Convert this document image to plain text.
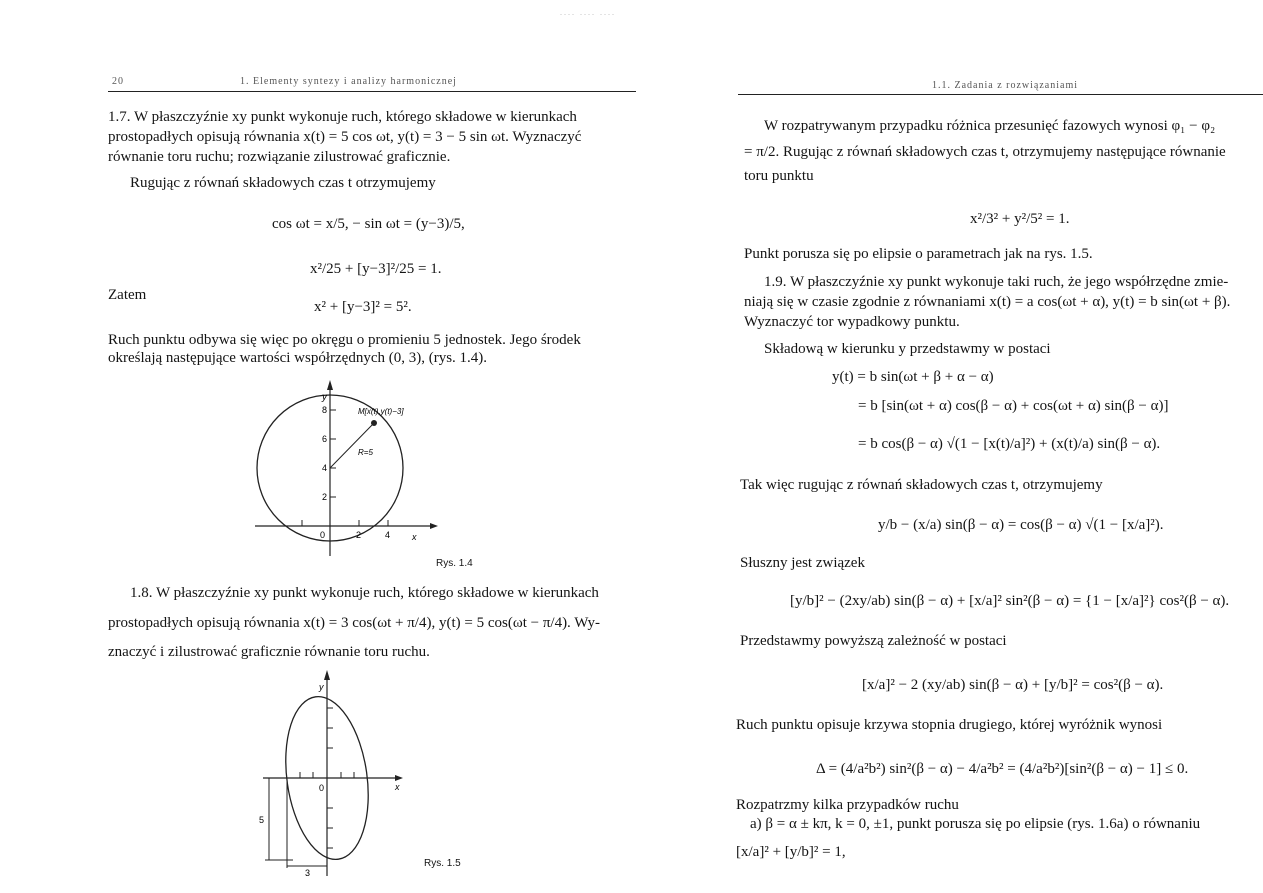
.... .... ....
20	1. Elementy syntezy i analizy harmonicznej
1.7. W płaszczyźnie xy punkt wykonuje ruch, którego składowe w kierunkach
prostopadłych opisują równania x(t) = 5 cos ωt, y(t) = 3 − 5 sin ωt. Wyznaczyć
równanie toru ruchu; rozwiązanie zilustrować graficznie.
Rugując z równań składowych czas t otrzymujemy
cos ωt = x/5, − sin ωt = (y−3)/5,
x²/25 + [y−3]²/25 = 1.
Zatem
x² + [y−3]² = 5².
Ruch punktu odbywa się więc po okręgu o promieniu 5 jednostek. Jego środek
określają następujące wartości współrzędnych (0, 3), (rys. 1.4).
y
8
6
4
2
0	2	4 x
M[x(t),y(t)−3]
R=5
Rys. 1.4
1.8. W płaszczyźnie xy punkt wykonuje ruch, którego składowe w kierunkach
prostopadłych opisują równania x(t) = 3 cos(ωt + π/4), y(t) = 5 cos(ωt − π/4). Wy-
znaczyć i zilustrować graficznie równanie toru ruchu.
y
0	x
5
3
Rys. 1.5
1.1. Zadania z rozwiązaniami
W rozpatrywanym przypadku różnica przesunięć fazowych wynosi φ₁ − φ₂
= π/2. Rugując z równań składowych czas t, otrzymujemy następujące równanie
toru punktu
x²/3² + y²/5² = 1.
Punkt porusza się po elipsie o parametrach jak na rys. 1.5.
1.9. W płaszczyźnie xy punkt wykonuje taki ruch, że jego współrzędne zmie-
niają się w czasie zgodnie z równaniami x(t) = a cos(ωt + α), y(t) = b sin(ωt + β).
Wyznaczyć tor wypadkowy punktu.
Składową w kierunku y przedstawmy w postaci
y(t) = b sin(ωt + β + α − α)
= b [sin(ωt + α) cos(β − α) + cos(ωt + α) sin(β − α)]
= b cos(β − α) √(1 − [x(t)/a]²) + (x(t)/a) sin(β − α).
Tak więc rugując z równań składowych czas t, otrzymujemy
y/b − (x/a) sin(β − α) = cos(β − α) √(1 − [x/a]²).
Słuszny jest związek
[y/b]² − (2xy/ab) sin(β − α) + [x/a]² sin²(β − α) = {1 − [x/a]²} cos²(β − α).
Przedstawmy powyższą zależność w postaci
[x/a]² − 2 (xy/ab) sin(β − α) + [y/b]² = cos²(β − α).
Ruch punktu opisuje krzywa stopnia drugiego, której wyróżnik wynosi
Δ = (4/a²b²) sin²(β − α) − 4/a²b² = (4/a²b²)[sin²(β − α) − 1] ≤ 0.
Rozpatrzmy kilka przypadków ruchu
a) β = α ± kπ, k = 0, ±1, punkt porusza się po elipsie (rys. 1.6a) o równaniu
[x/a]² + [y/b]² = 1,
